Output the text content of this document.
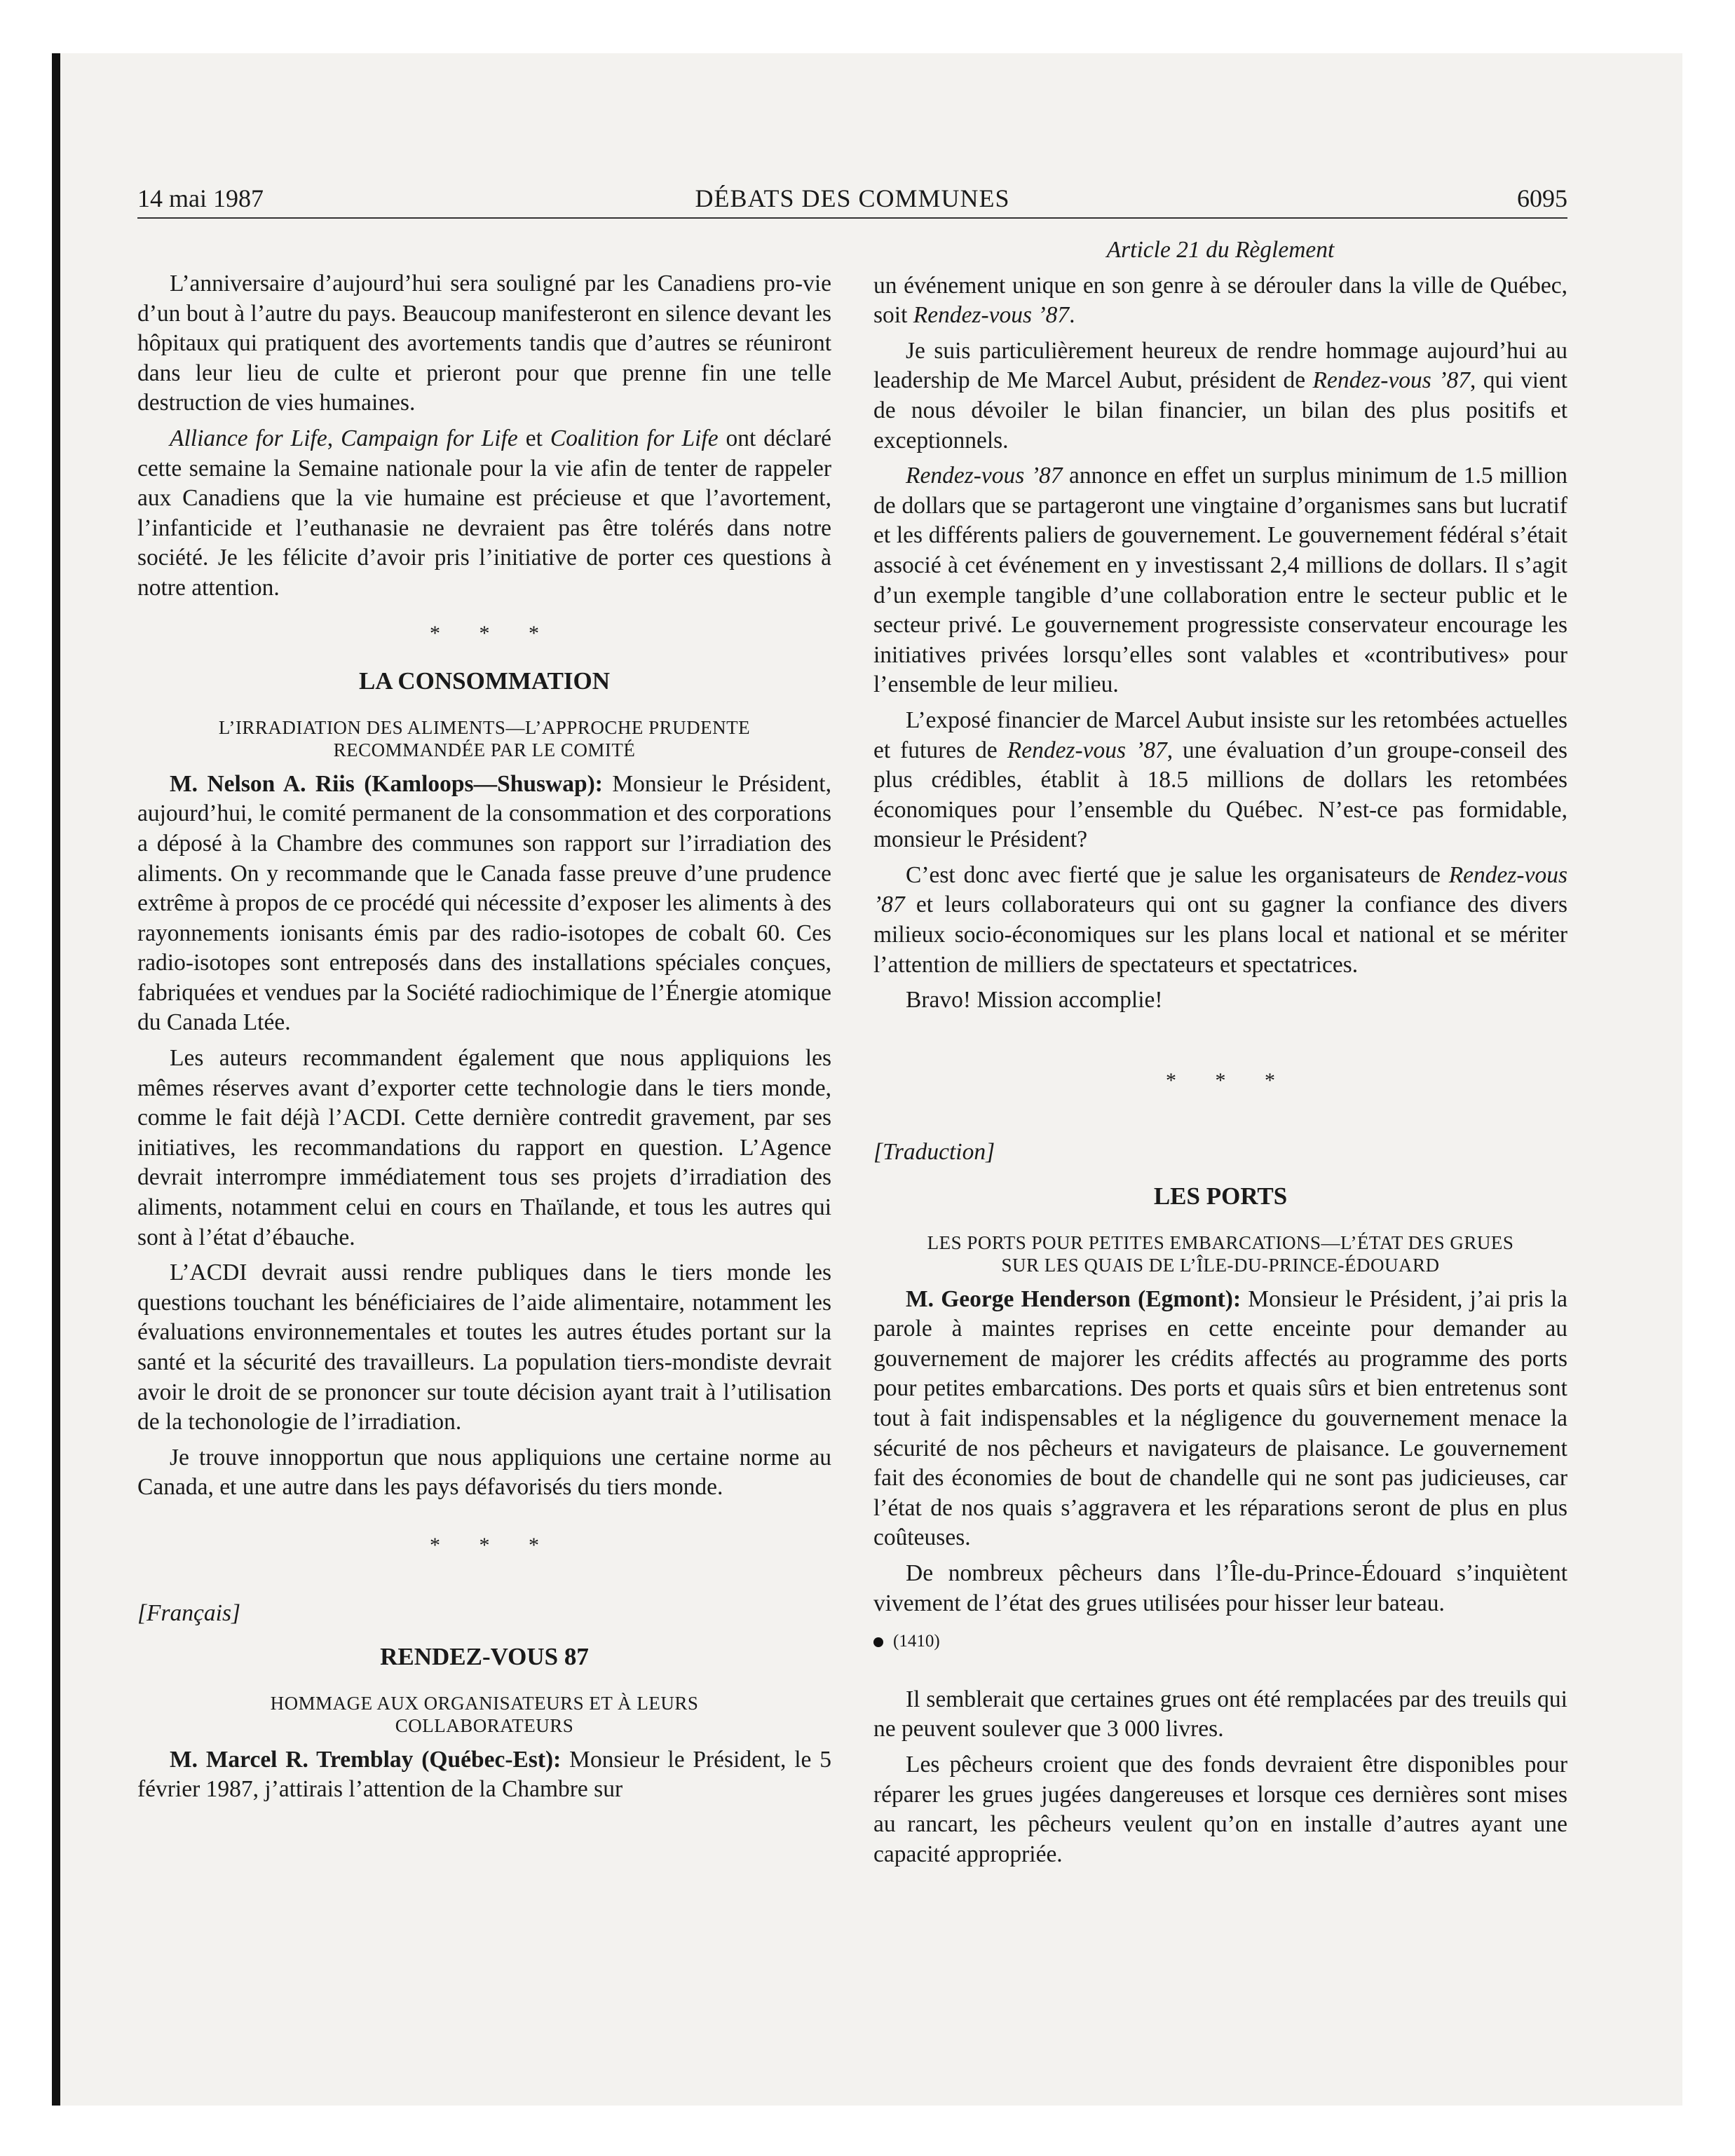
14 mai 1987	DÉBATS DES COMMUNES	6095

L’anniversaire d’aujourd’hui sera souligné par les Canadiens pro-vie d’un bout à l’autre du pays. Beaucoup manifesteront en silence devant les hôpitaux qui pratiquent des avortements tandis que d’autres se réuniront dans leur lieu de culte et prieront pour que prenne fin une telle destruction de vies humaines.

Alliance for Life, Campaign for Life et Coalition for Life ont déclaré cette semaine la Semaine nationale pour la vie afin de tenter de rappeler aux Canadiens que la vie humaine est précieuse et que l’avortement, l’infanticide et l’euthanasie ne devraient pas être tolérés dans notre société. Je les félicite d’avoir pris l’initiative de porter ces questions à notre attention.

* * *
LA CONSOMMATION
L’IRRADIATION DES ALIMENTS—L’APPROCHE PRUDENTE RECOMMANDÉE PAR LE COMITÉ

M. Nelson A. Riis (Kamloops—Shuswap): Monsieur le Président, aujourd’hui, le comité permanent de la consommation et des corporations a déposé à la Chambre des communes son rapport sur l’irradiation des aliments. On y recommande que le Canada fasse preuve d’une prudence extrême à propos de ce procédé qui nécessite d’exposer les aliments à des rayonnements ionisants émis par des radio-isotopes de cobalt 60. Ces radio-isotopes sont entreposés dans des installations spéciales conçues, fabriquées et vendues par la Société radiochimique de l’Énergie atomique du Canada Ltée.

Les auteurs recommandent également que nous appliquions les mêmes réserves avant d’exporter cette technologie dans le tiers monde, comme le fait déjà l’ACDI. Cette dernière contredit gravement, par ses initiatives, les recommandations du rapport en question. L’Agence devrait interrompre immédiatement tous ses projets d’irradiation des aliments, notamment celui en cours en Thaïlande, et tous les autres qui sont à l’état d’ébauche.

L’ACDI devrait aussi rendre publiques dans le tiers monde les questions touchant les bénéficiaires de l’aide alimentaire, notamment les évaluations environnementales et toutes les autres études portant sur la santé et la sécurité des travailleurs. La population tiers-mondiste devrait avoir le droit de se prononcer sur toute décision ayant trait à l’utilisation de la techonologie de l’irradiation.

Je trouve innopportun que nous appliquions une certaine norme au Canada, et une autre dans les pays défavorisés du tiers monde.

* * *

[Français]

RENDEZ-VOUS 87
HOMMAGE AUX ORGANISATEURS ET À LEURS COLLABORATEURS

M. Marcel R. Tremblay (Québec-Est): Monsieur le Président, le 5 février 1987, j’attirais l’attention de la Chambre sur

Article 21 du Règlement

un événement unique en son genre à se dérouler dans la ville de Québec, soit Rendez-vous ’87.

Je suis particulièrement heureux de rendre hommage aujourd’hui au leadership de Me Marcel Aubut, président de Rendez-vous ’87, qui vient de nous dévoiler le bilan financier, un bilan des plus positifs et exceptionnels.

Rendez-vous ’87 annonce en effet un surplus minimum de 1.5 million de dollars que se partageront une vingtaine d’organismes sans but lucratif et les différents paliers de gouvernement. Le gouvernement fédéral s’était associé à cet événement en y investissant 2,4 millions de dollars. Il s’agit d’un exemple tangible d’une collaboration entre le secteur public et le secteur privé. Le gouvernement progressiste conservateur encourage les initiatives privées lorsqu’elles sont valables et «contributives» pour l’ensemble de leur milieu.

L’exposé financier de Marcel Aubut insiste sur les retombées actuelles et futures de Rendez-vous ’87, une évaluation d’un groupe-conseil des plus crédibles, établit à 18.5 millions de dollars les retombées économiques pour l’ensemble du Québec. N’est-ce pas formidable, monsieur le Président?

C’est donc avec fierté que je salue les organisateurs de Rendez-vous ’87 et leurs collaborateurs qui ont su gagner la confiance des divers milieux socio-économiques sur les plans local et national et se mériter l’attention de milliers de spectateurs et spectatrices.

Bravo! Mission accomplie!

* * *

[Traduction]

LES PORTS
LES PORTS POUR PETITES EMBARCATIONS—L’ÉTAT DES GRUES SUR LES QUAIS DE L’ÎLE-DU-PRINCE-ÉDOUARD

M. George Henderson (Egmont): Monsieur le Président, j’ai pris la parole à maintes reprises en cette enceinte pour demander au gouvernement de majorer les crédits affectés au programme des ports pour petites embarcations. Des ports et quais sûrs et bien entretenus sont tout à fait indispensables et la négligence du gouvernement menace la sécurité de nos pêcheurs et navigateurs de plaisance. Le gouvernement fait des économies de bout de chandelle qui ne sont pas judicieuses, car l’état de nos quais s’aggravera et les réparations seront de plus en plus coûteuses.

De nombreux pêcheurs dans l’Île-du-Prince-Édouard s’inquiètent vivement de l’état des grues utilisées pour hisser leur bateau.

(1410)

Il semblerait que certaines grues ont été remplacées par des treuils qui ne peuvent soulever que 3 000 livres.

Les pêcheurs croient que des fonds devraient être disponibles pour réparer les grues jugées dangereuses et lorsque ces dernières sont mises au rancart, les pêcheurs veulent qu’on en installe d’autres ayant une capacité appropriée.
